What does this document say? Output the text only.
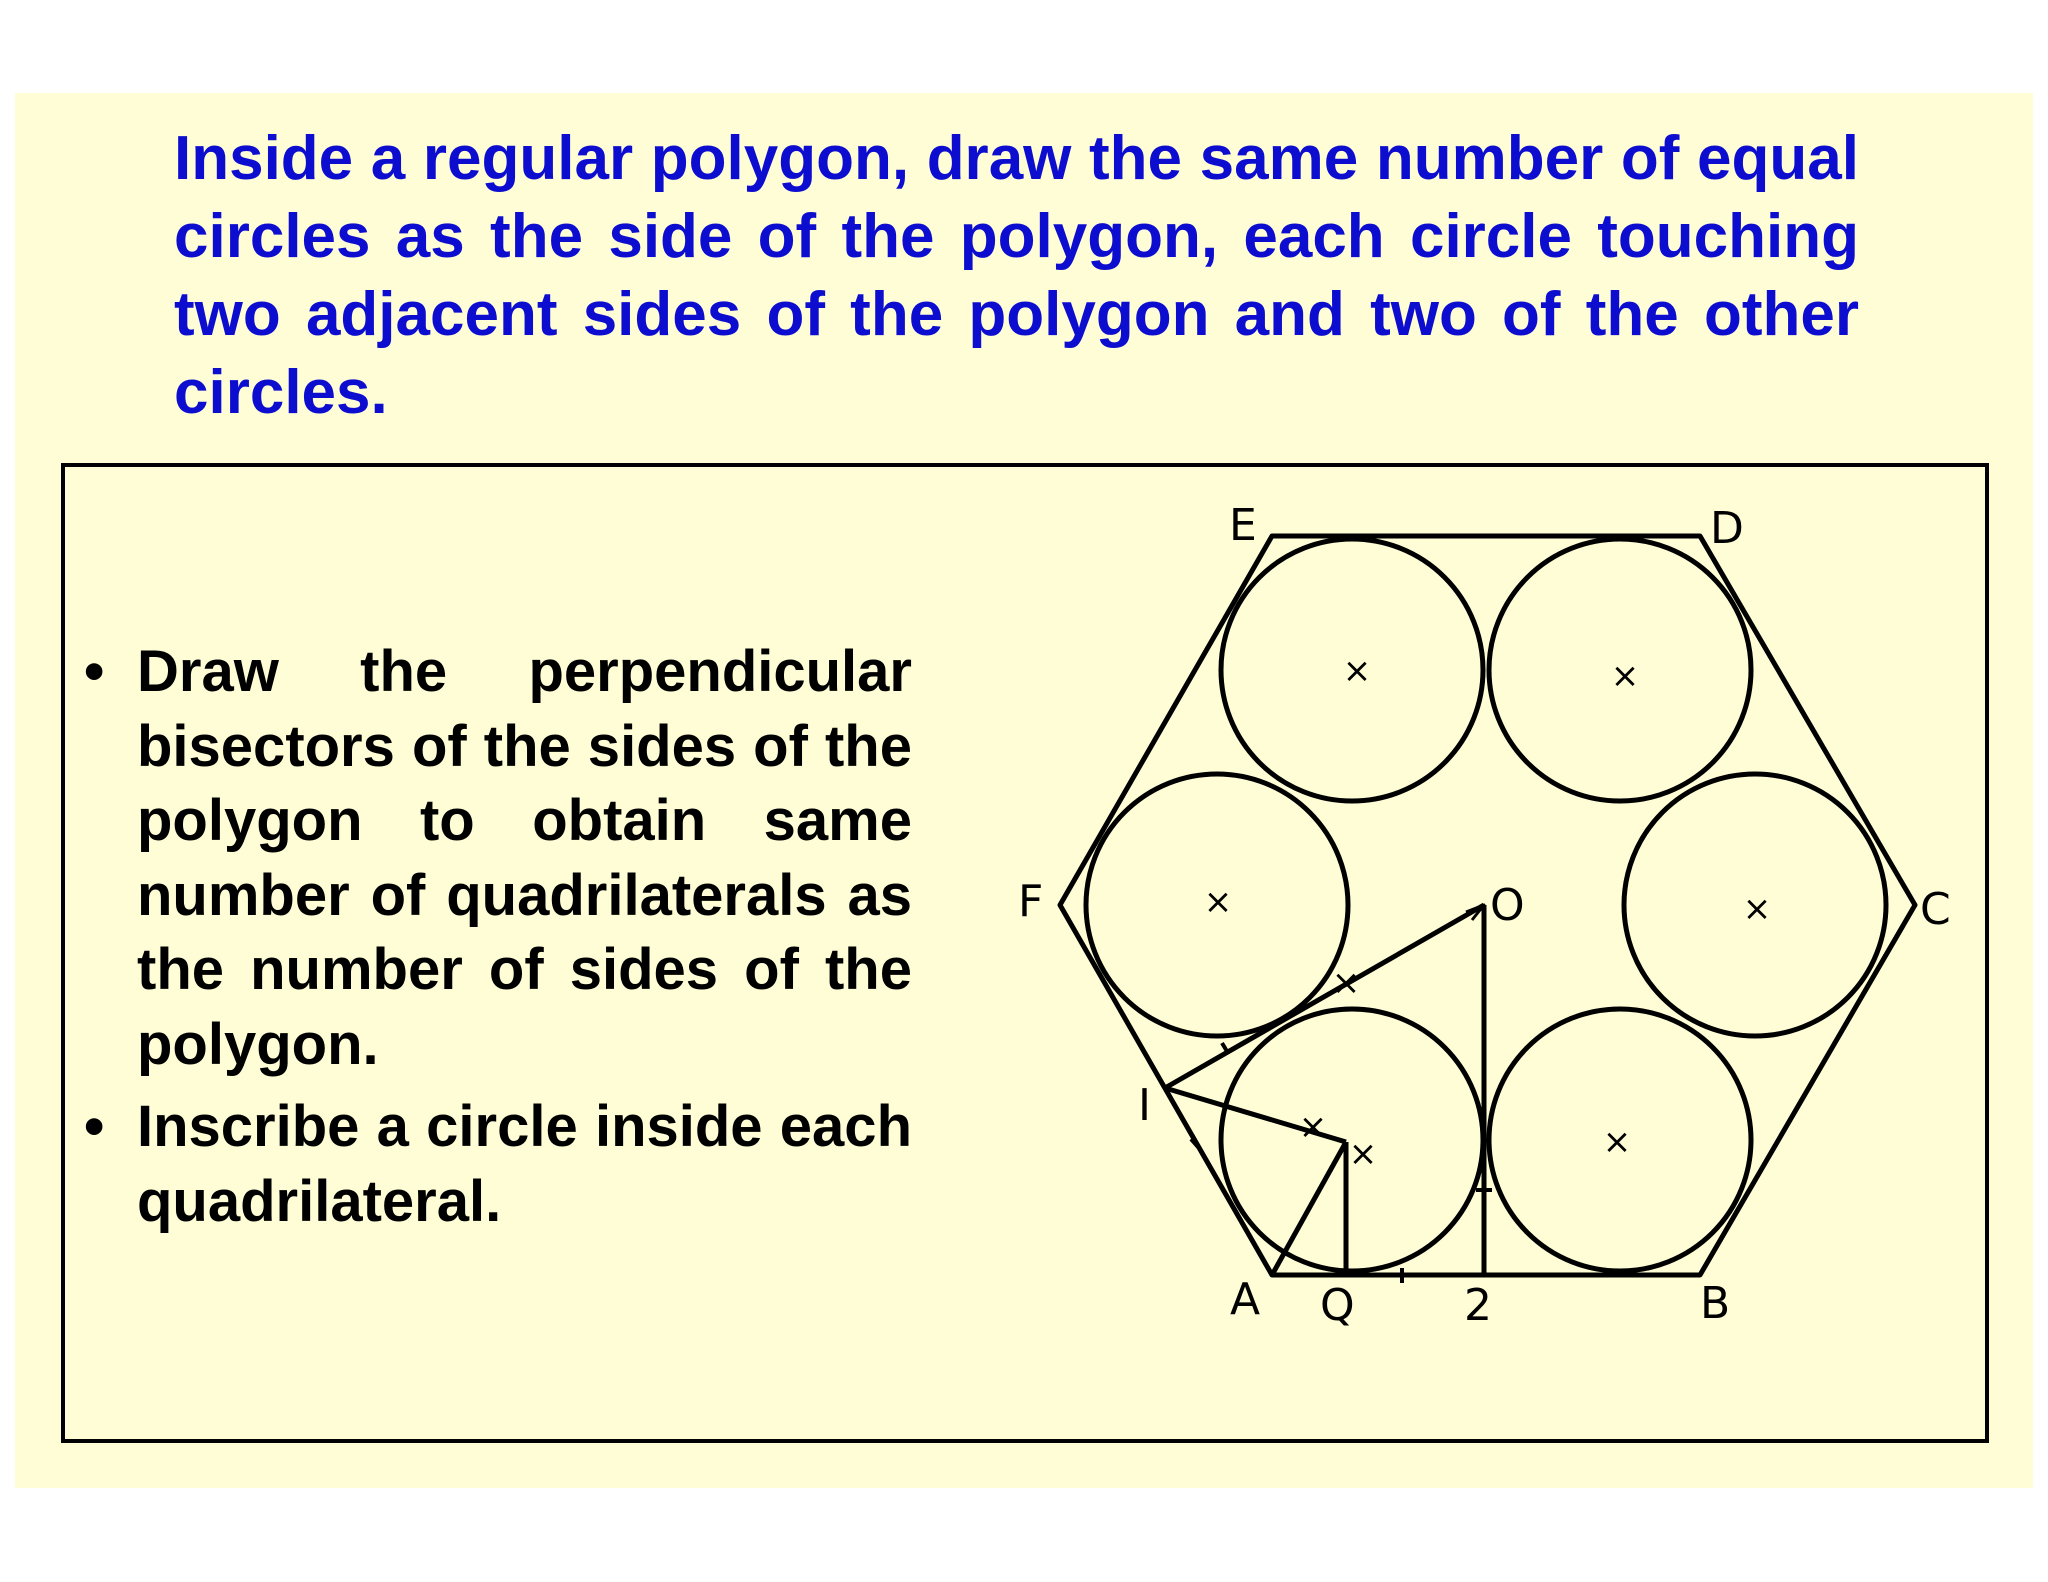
Inside a regular polygon, draw the same number of equal circles as the side of the polygon, each circle touching two adjacent sides of the polygon and two of the other circles.

• Draw the perpendicular bisectors of the sides of the polygon to obtain same number of quadrilaterals as the number of sides of the polygon.
• Inscribe a circle inside each quadrilateral.
×	×
×	×
×	×
×
×
E	D
F	C
A	B
O
Q 2
I
